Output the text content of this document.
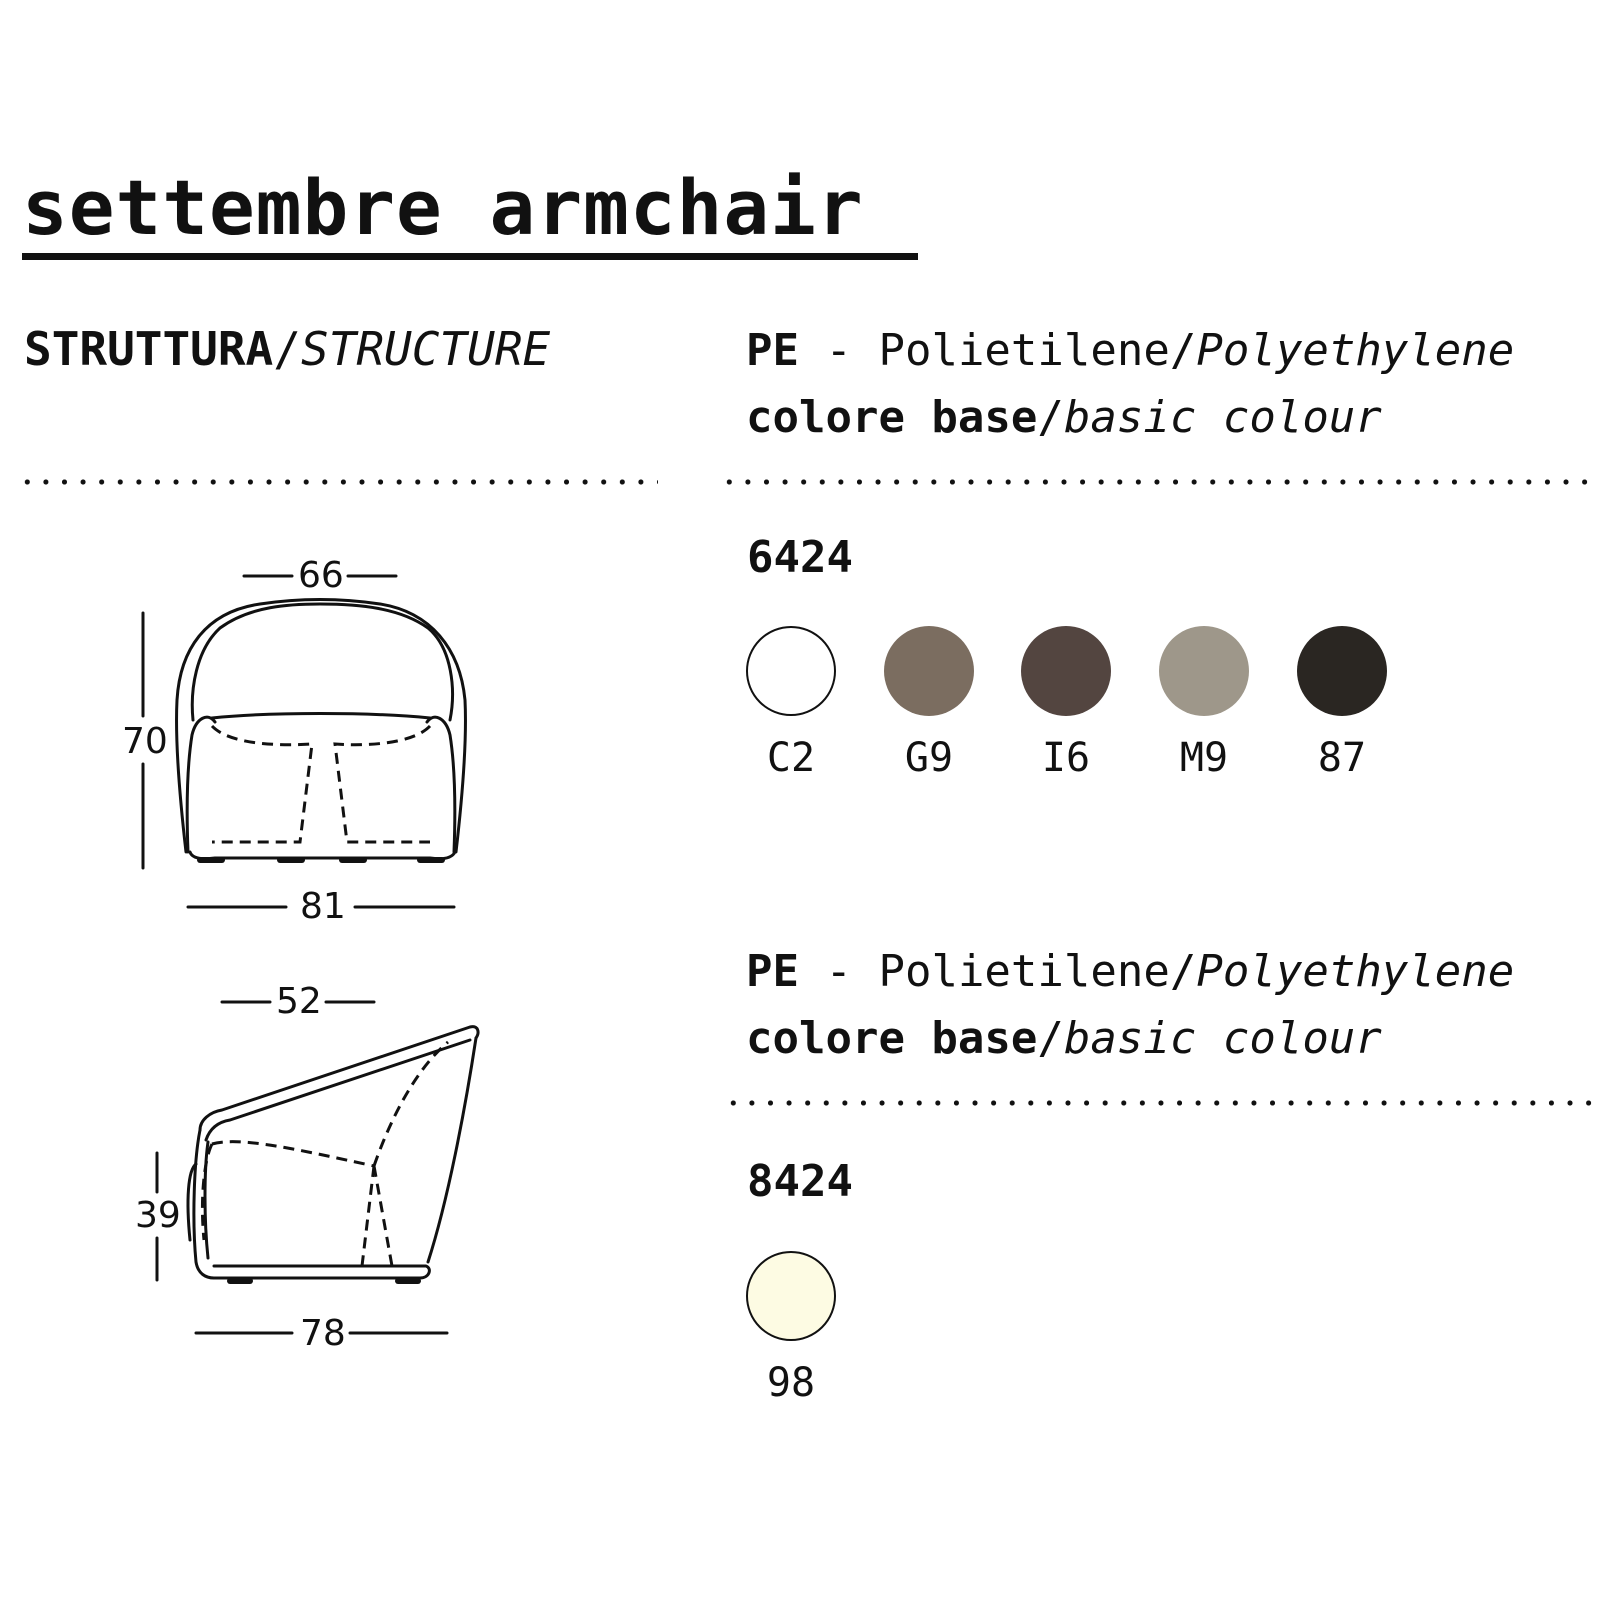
settembre armchair
STRUTTURA/STRUCTURE	PE - Polietilene/Polyethylene
colore base/basic colour
6424
C2	G9	I6	M9	87
PE - Polietilene/Polyethylene
colore base/basic colour
8424
98
66
70
81
52
39
78
